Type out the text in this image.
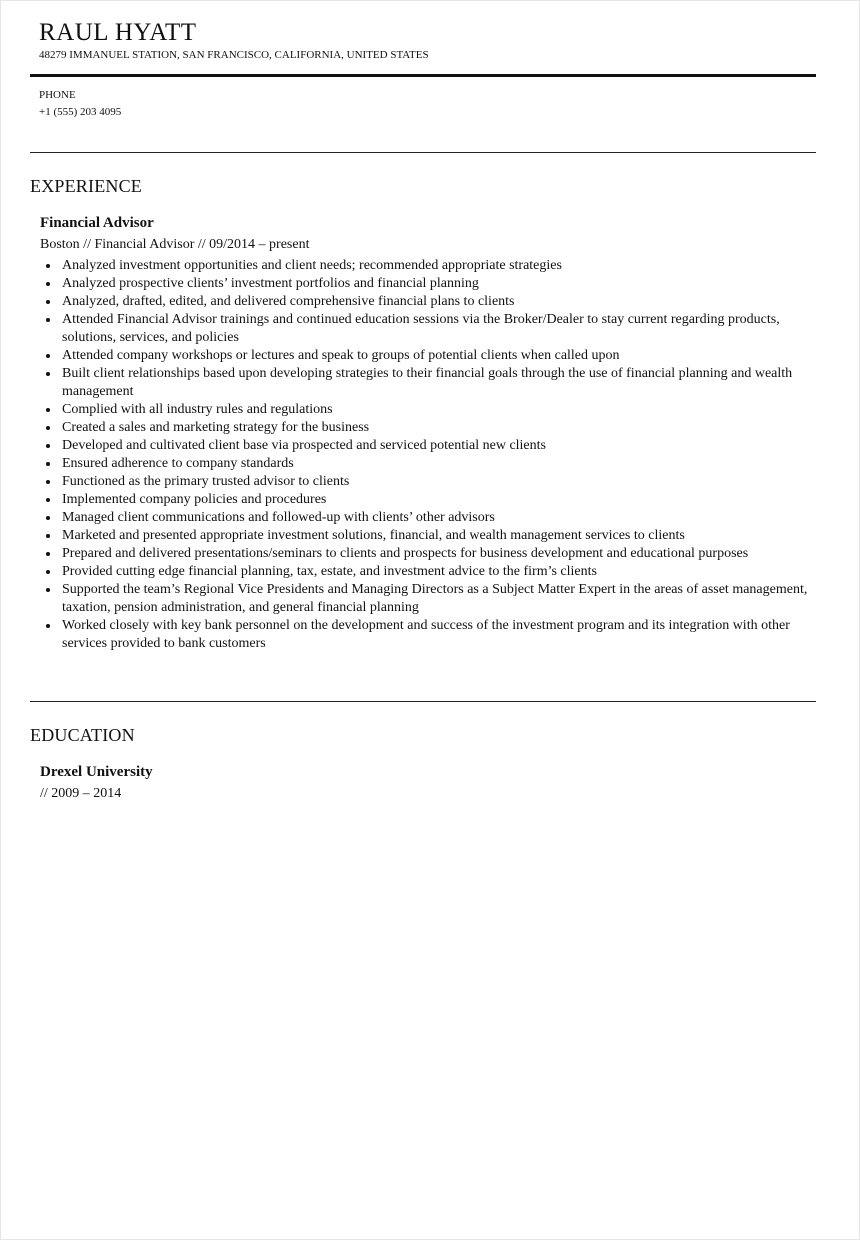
RAUL HYATT
48279 IMMANUEL STATION, SAN FRANCISCO, CALIFORNIA, UNITED STATES
PHONE
+1 (555) 203 4095
EXPERIENCE
Financial Advisor
Boston // Financial Advisor // 09/2014 – present
Analyzed investment opportunities and client needs; recommended appropriate strategies
Analyzed prospective clients’ investment portfolios and financial planning
Analyzed, drafted, edited, and delivered comprehensive financial plans to clients
Attended Financial Advisor trainings and continued education sessions via the Broker/Dealer to stay current regarding products, solutions, services, and policies
Attended company workshops or lectures and speak to groups of potential clients when called upon
Built client relationships based upon developing strategies to their financial goals through the use of financial planning and wealth management
Complied with all industry rules and regulations
Created a sales and marketing strategy for the business
Developed and cultivated client base via prospected and serviced potential new clients
Ensured adherence to company standards
Functioned as the primary trusted advisor to clients
Implemented company policies and procedures
Managed client communications and followed-up with clients’ other advisors
Marketed and presented appropriate investment solutions, financial, and wealth management services to clients
Prepared and delivered presentations/seminars to clients and prospects for business development and educational purposes
Provided cutting edge financial planning, tax, estate, and investment advice to the firm’s clients
Supported the team’s Regional Vice Presidents and Managing Directors as a Subject Matter Expert in the areas of asset management, taxation, pension administration, and general financial planning
Worked closely with key bank personnel on the development and success of the investment program and its integration with other services provided to bank customers
EDUCATION
Drexel University
// 2009 – 2014
